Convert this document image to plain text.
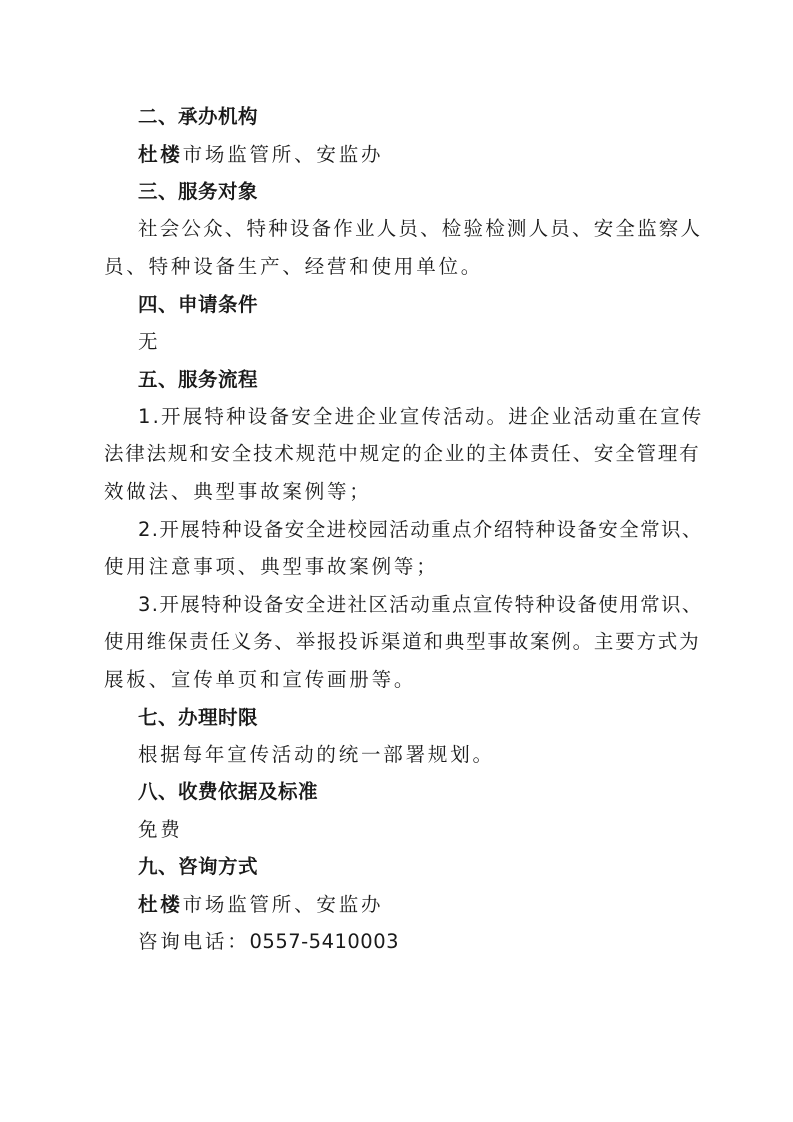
二、承办机构
杜楼市场监管所、安监办
三、服务对象
社会公众、特种设备作业人员、检验检测人员、安全监察人
员、特种设备生产、经营和使用单位。
四、申请条件
无
五、服务流程
1.开展特种设备安全进企业宣传活动。进企业活动重在宣传
法律法规和安全技术规范中规定的企业的主体责任、安全管理有
效做法、典型事故案例等；
2.开展特种设备安全进校园活动重点介绍特种设备安全常识、
使用注意事项、典型事故案例等；
3.开展特种设备安全进社区活动重点宣传特种设备使用常识、
使用维保责任义务、举报投诉渠道和典型事故案例。主要方式为
展板、宣传单页和宣传画册等。
七、办理时限
根据每年宣传活动的统一部署规划。
八、收费依据及标准
免费
九、咨询方式
杜楼市场监管所、安监办
咨询电话：0557-5410003
